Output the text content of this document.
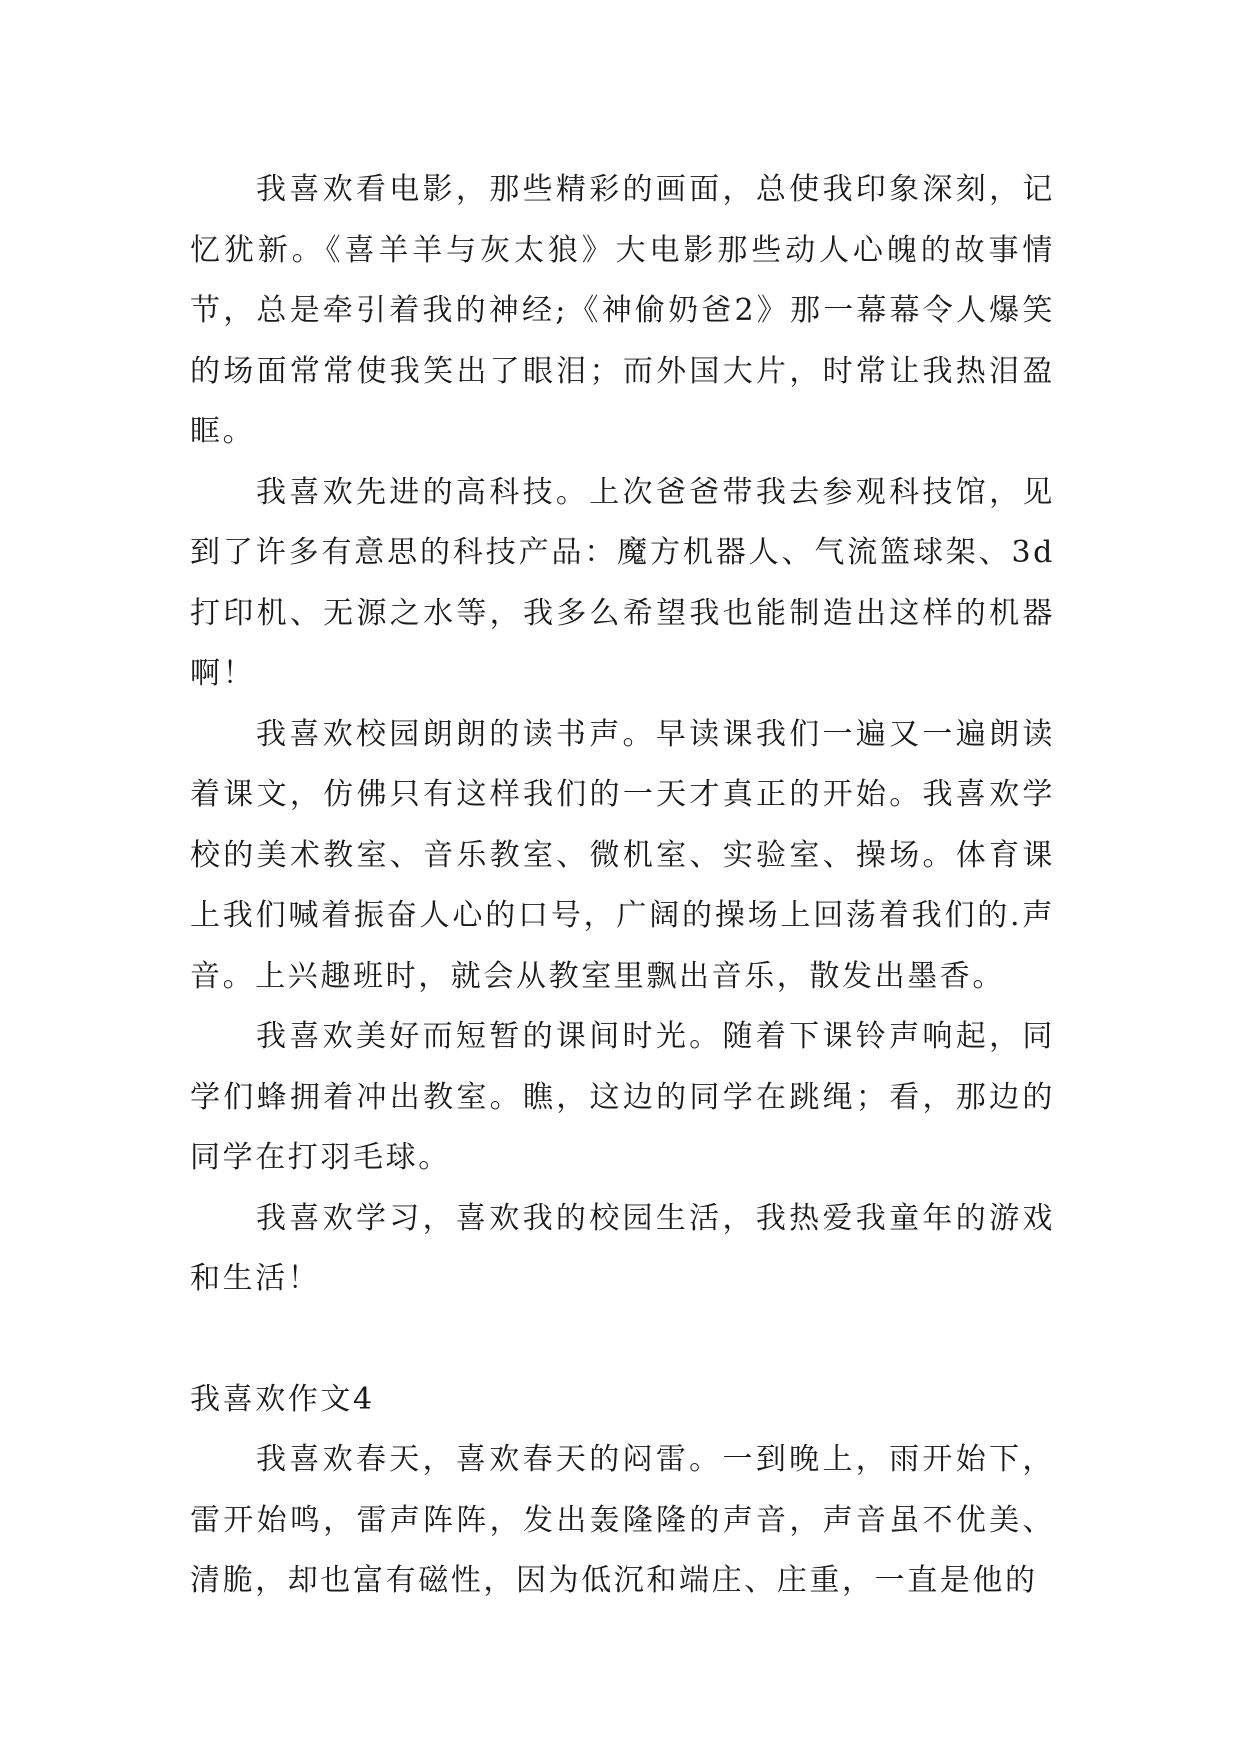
我喜欢看电影，那些精彩的画面，总使我印象深刻，记忆犹新。《喜羊羊与灰太狼》大电影那些动人心魄的故事情节，总是牵引着我的神经;《神偷奶爸2》那一幕幕令人爆笑的场面常常使我笑出了眼泪；而外国大片，时常让我热泪盈眶。

我喜欢先进的高科技。上次爸爸带我去参观科技馆，见到了许多有意思的科技产品：魔方机器人、气流篮球架、3d打印机、无源之水等，我多么希望我也能制造出这样的机器啊！

我喜欢校园朗朗的读书声。早读课我们一遍又一遍朗读着课文，仿佛只有这样我们的一天才真正的开始。我喜欢学校的美术教室、音乐教室、微机室、实验室、操场。体育课上我们喊着振奋人心的口号，广阔的操场上回荡着我们的.声音。上兴趣班时，就会从教室里飘出音乐，散发出墨香。

我喜欢美好而短暂的课间时光。随着下课铃声响起，同学们蜂拥着冲出教室。瞧，这边的同学在跳绳；看，那边的同学在打羽毛球。

我喜欢学习，喜欢我的校园生活，我热爱我童年的游戏和生活！

我喜欢作文4

我喜欢春天，喜欢春天的闷雷。一到晚上，雨开始下，雷开始鸣，雷声阵阵，发出轰隆隆的声音，声音虽不优美、清脆，却也富有磁性，因为低沉和端庄、庄重，一直是他的
